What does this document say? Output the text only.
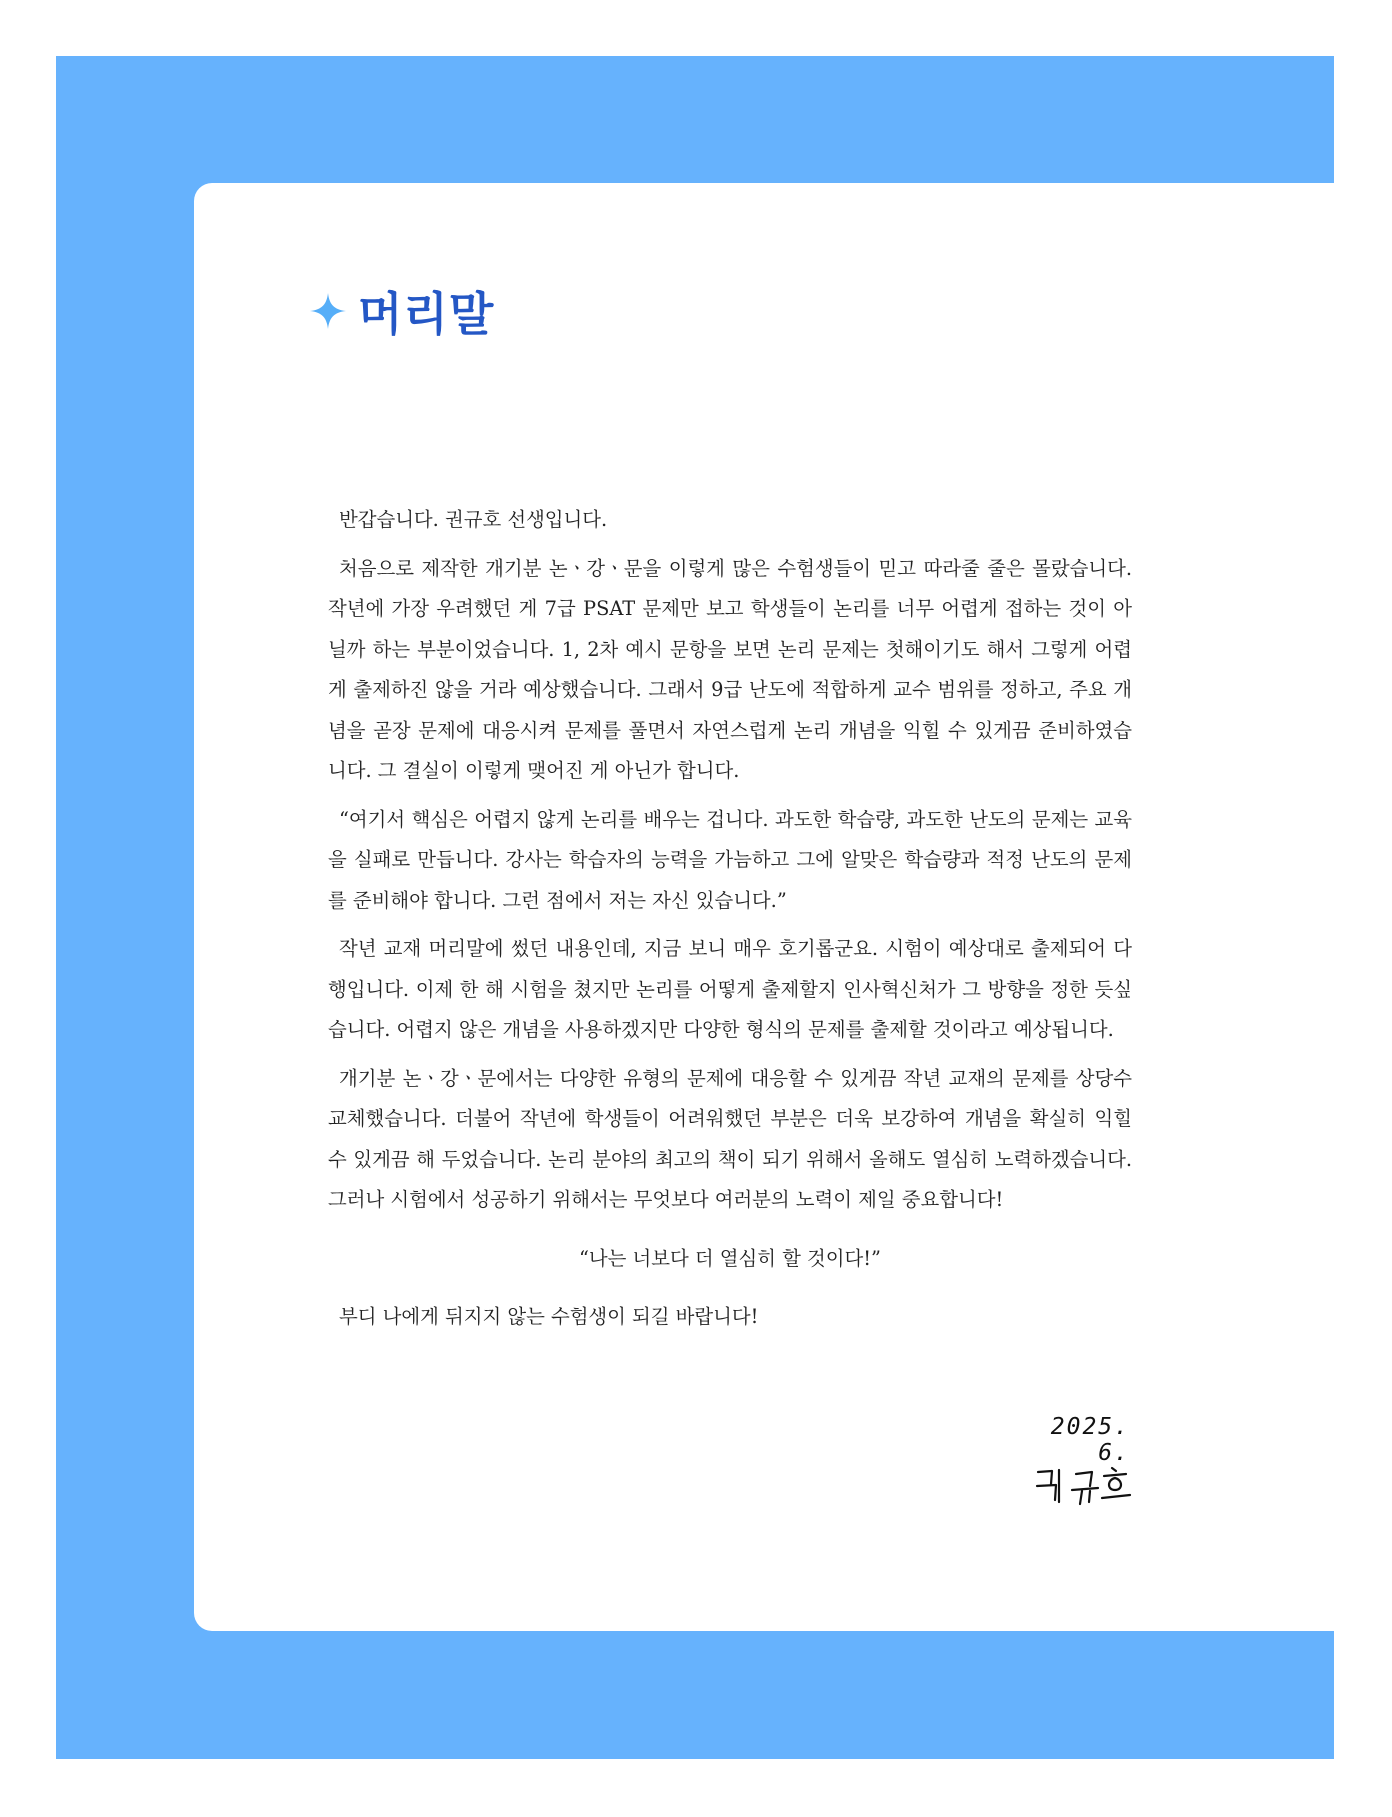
머리말

반갑습니다. 권규호 선생입니다.

처음으로 제작한 개기분 논ㆍ강ㆍ문을 이렇게 많은 수험생들이 믿고 따라줄 줄은 몰랐습니다. 작년에 가장 우려했던 게 7급 PSAT 문제만 보고 학생들이 논리를 너무 어렵게 접하는 것이 아닐까 하는 부분이었습니다. 1, 2차 예시 문항을 보면 논리 문제는 첫해이기도 해서 그렇게 어렵게 출제하진 않을 거라 예상했습니다. 그래서 9급 난도에 적합하게 교수 범위를 정하고, 주요 개념을 곧장 문제에 대응시켜 문제를 풀면서 자연스럽게 논리 개념을 익힐 수 있게끔 준비하였습니다. 그 결실이 이렇게 맺어진 게 아닌가 합니다.

“여기서 핵심은 어렵지 않게 논리를 배우는 겁니다. 과도한 학습량, 과도한 난도의 문제는 교육을 실패로 만듭니다. 강사는 학습자의 능력을 가늠하고 그에 알맞은 학습량과 적정 난도의 문제를 준비해야 합니다. 그런 점에서 저는 자신 있습니다.”

작년 교재 머리말에 썼던 내용인데, 지금 보니 매우 호기롭군요. 시험이 예상대로 출제되어 다행입니다. 이제 한 해 시험을 쳤지만 논리를 어떻게 출제할지 인사혁신처가 그 방향을 정한 듯싶습니다. 어렵지 않은 개념을 사용하겠지만 다양한 형식의 문제를 출제할 것이라고 예상됩니다.

개기분 논ㆍ강ㆍ문에서는 다양한 유형의 문제에 대응할 수 있게끔 작년 교재의 문제를 상당수 교체했습니다. 더불어 작년에 학생들이 어려워했던 부분은 더욱 보강하여 개념을 확실히 익힐 수 있게끔 해 두었습니다. 논리 분야의 최고의 책이 되기 위해서 올해도 열심히 노력하겠습니다. 그러나 시험에서 성공하기 위해서는 무엇보다 여러분의 노력이 제일 중요합니다!

“나는 너보다 더 열심히 할 것이다!”

부디 나에게 뒤지지 않는 수험생이 되길 바랍니다!

2025. 6.
